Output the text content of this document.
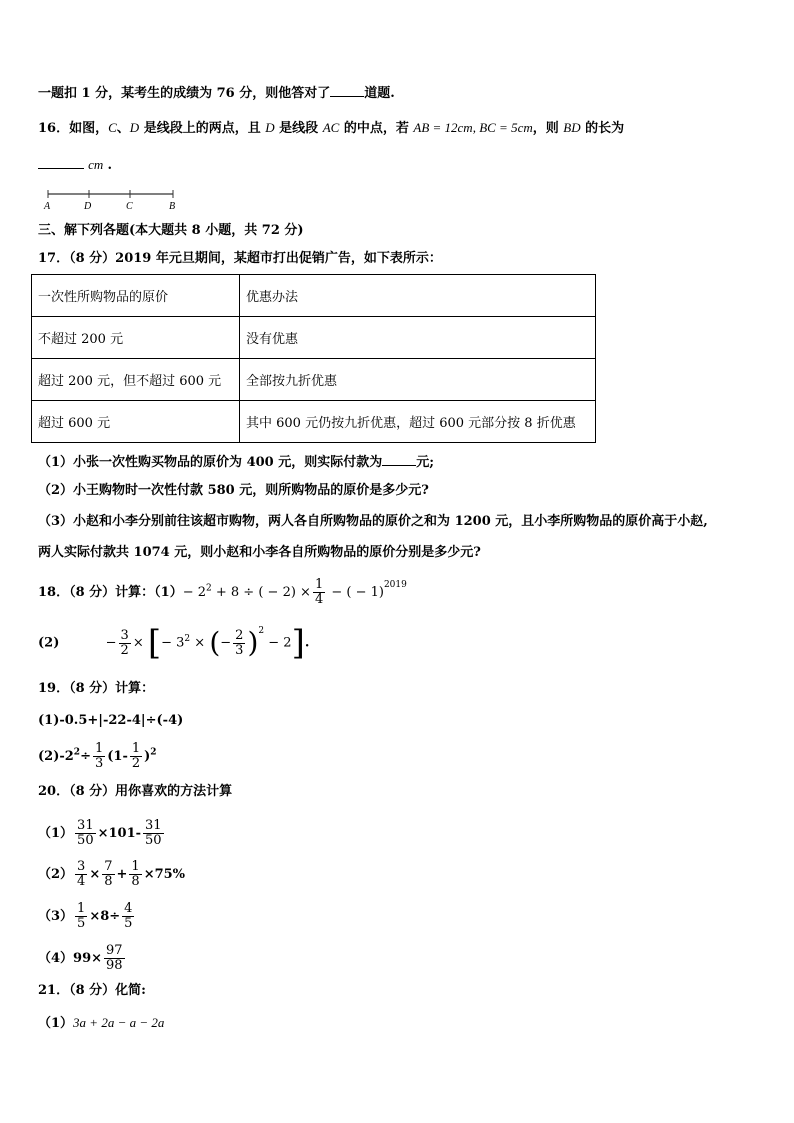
一题扣 1 分，某考生的成绩为 76 分，则他答对了	道题.
16．如图，C、D 是线段上的两点，且 D 是线段 AC 的中点，若 AB = 12cm, BC = 5cm，则 BD 的长为
cm .
A	D	C	B
三、解下列各题(本大题共 8 小题，共 72 分)
17．（8 分）2019 年元旦期间，某超市打出促销广告，如下表所示：
一次性所购物品的原价	优惠办法
不超过 200 元	没有优惠
超过 200 元，但不超过 600 元	全部按九折优惠
超过 600 元	其中 600 元仍按九折优惠，超过 600 元部分按 8 折优惠
（1）小张一次性购买物品的原价为 400 元，则实际付款为	元;
（2）小王购物时一次性付款 580 元，则所购物品的原价是多少元?
（3）小赵和小李分别前往该超市购物，两人各自所购物品的原价之和为 1200 元，且小李所购物品的原价高于小赵,
两人实际付款共 1074 元，则小赵和小李各自所购物品的原价分别是多少元?
18．（8 分）计算：$(1)- 2^2 + 8$ ÷ ( − $2) \times \frac{1}{4}$ − ( − 1)$^{2019}$
(2)	− $\frac{3}{2}$ × [− $3^2$ × (− $\frac{2}{3} )^2 - 2$].
19．（8 分）计算：
(1)-0.5+|-22-4|÷(-4)
$(2)-2^2\div \frac{1}{3} (1- \frac{1}{2} )^2$
20．（8 分）用你喜欢的方法计算
$(1) \frac{31}{50} \times 101- \frac{31}{50}$
$(2) \frac{3}{4} \times \frac{7}{8} + \frac{1}{8} \times 75\%$
$(3) \frac{1}{5} \times 8\div \frac{4}{5}$
$(4)99\times \frac{97}{98}$
21．（8 分）化简:
（1）3a + 2a − a − 2a
